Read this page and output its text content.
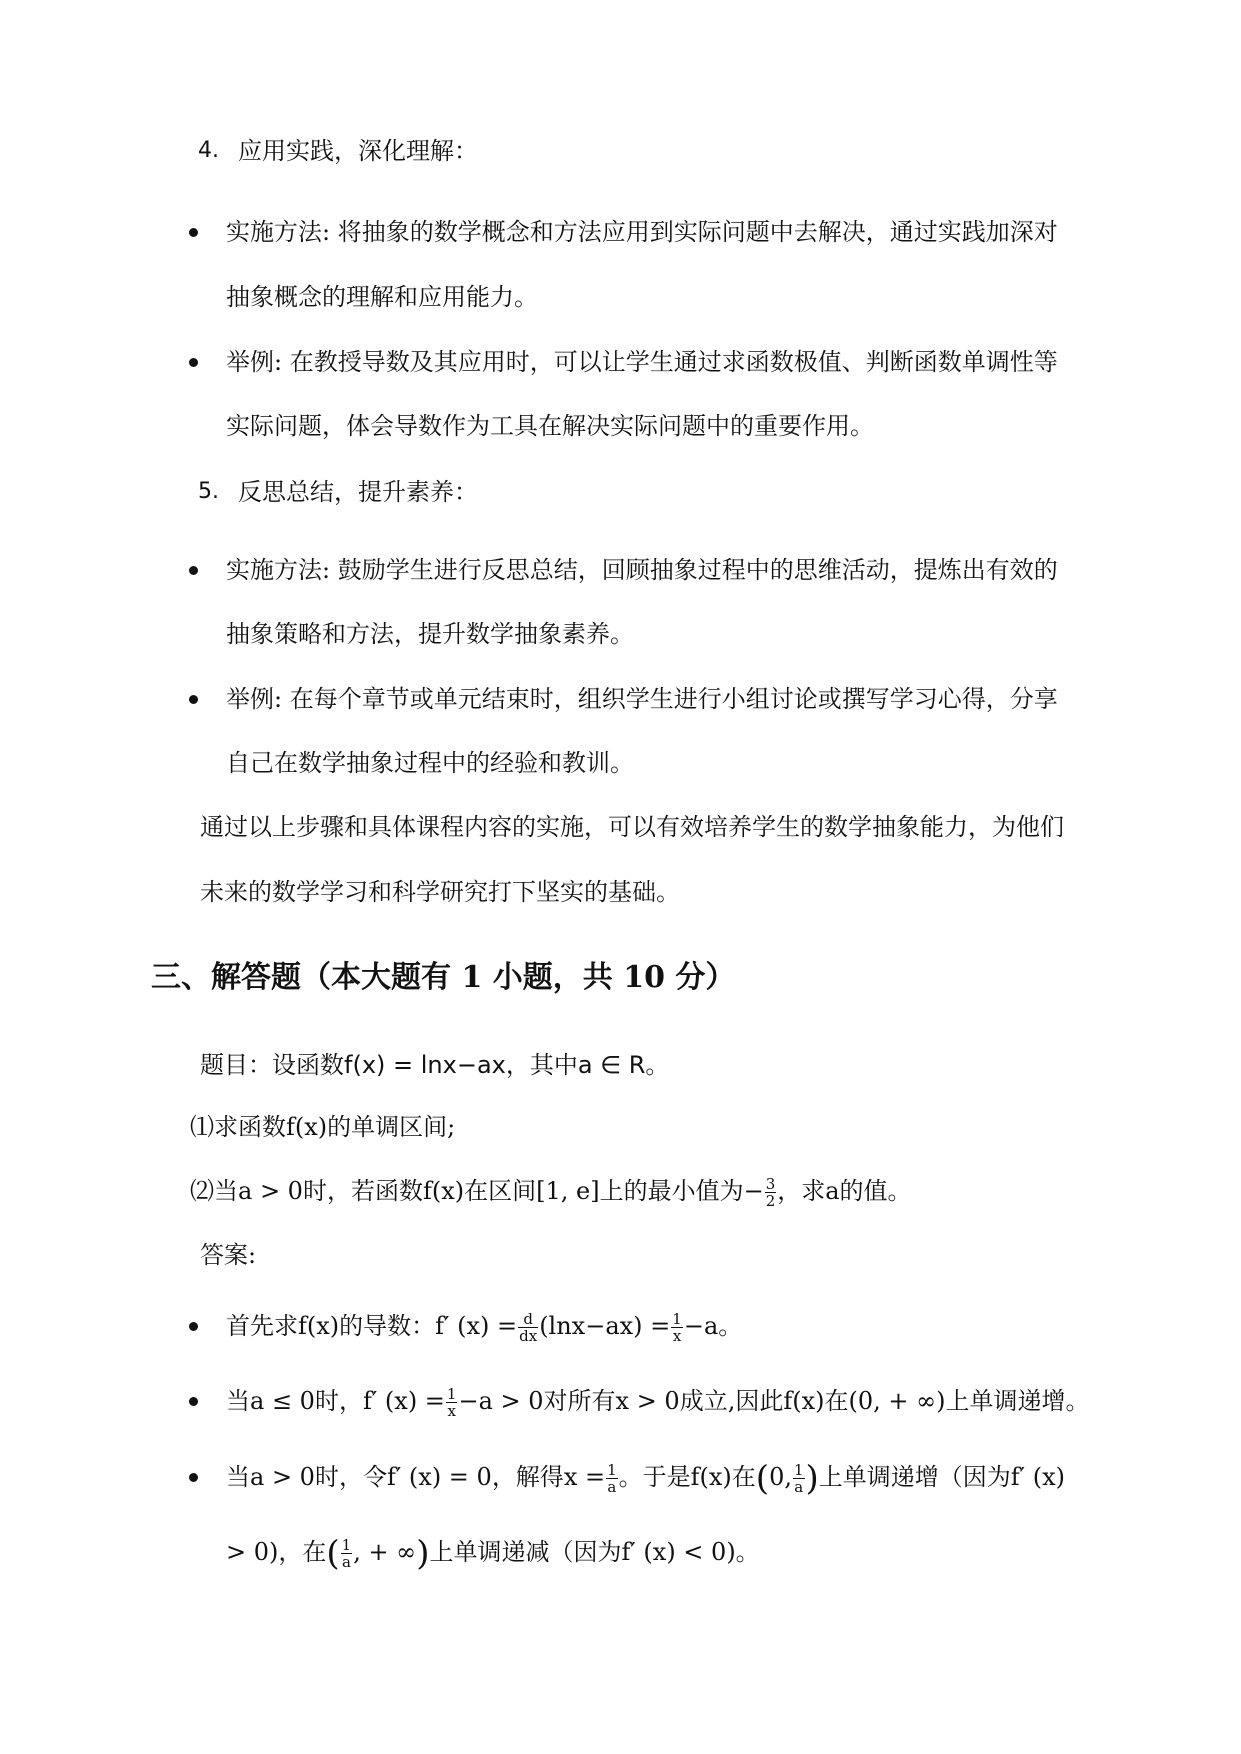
4. 应用实践，深化理解：
实施方法: 将抽象的数学概念和方法应用到实际问题中去解决，通过实践加深对
抽象概念的理解和应用能力。
举例: 在教授导数及其应用时，可以让学生通过求函数极值、判断函数单调性等
实际问题，体会导数作为工具在解决实际问题中的重要作用。
5. 反思总结，提升素养：
实施方法: 鼓励学生进行反思总结，回顾抽象过程中的思维活动，提炼出有效的
抽象策略和方法，提升数学抽象素养。
举例: 在每个章节或单元结束时，组织学生进行小组讨论或撰写学习心得，分享
自己在数学抽象过程中的经验和教训。
通过以上步骤和具体课程内容的实施，可以有效培养学生的数学抽象能力，为他们
未来的数学学习和科学研究打下坚实的基础。
三、解答题（本大题有 1 小题，共 10 分）
题目：设函数f(x) = lnx−ax，其中a ∈ R。
⑴求函数f(x)的单调区间;
⑵当a > 0时，若函数f(x)在区间[1, e]上的最小值为− $\frac{3}{2}$ ，求a的值。
答案:
首先求f(x)的导数：f′ $(x) = \frac{d}{dx} (\ln x-ax) = \frac{1}{x} -a$。
当a ≤ 0时，f′ $(x) = \frac{1}{x} -a > 0$对所有x > 0成立,因此f(x)在(0, + ∞)上单调递增。
当a > 0时，令f′ (x) = 0，解得$x = \frac{1}{a}$ 。于是f(x)在(0, $\frac{1}{a}$ )上单调递增（因为f′ (x)
> 0)，在( $\frac{1}{a}$ , + ∞)上单调递减（因为f′ (x) < 0)。
